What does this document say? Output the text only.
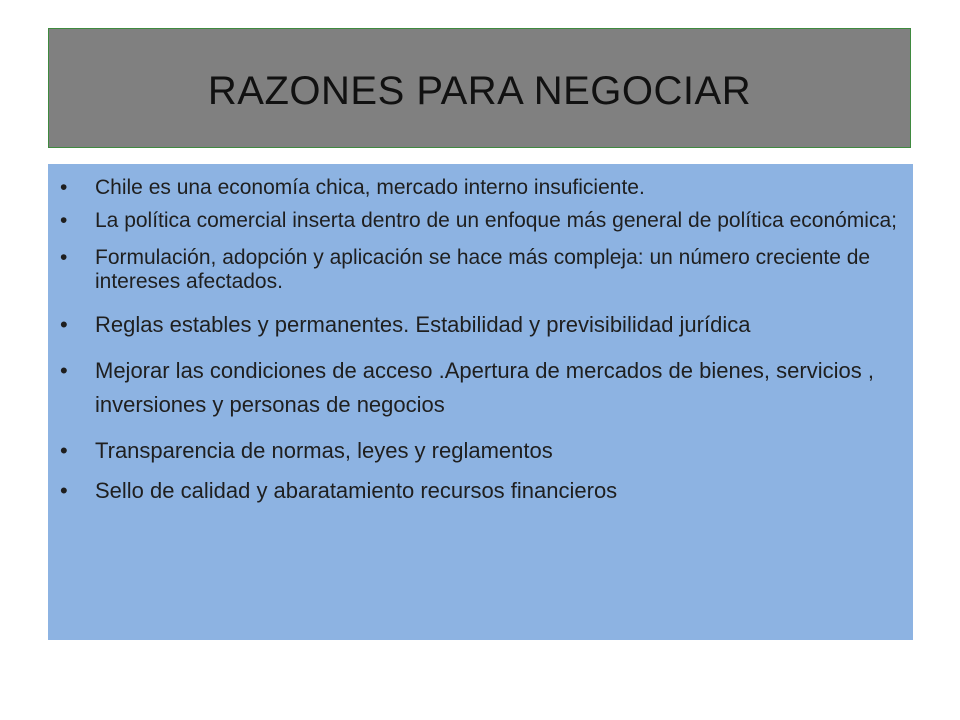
RAZONES PARA NEGOCIAR
• Chile es una economía chica, mercado interno insuficiente.
• La política comercial inserta dentro de un enfoque más general de política económica;
• Formulación, adopción y aplicación se hace más compleja: un número creciente de intereses afectados.
• Reglas estables y permanentes. Estabilidad y previsibilidad jurídica
• Mejorar las condiciones de acceso .Apertura de mercados de bienes, servicios , inversiones y personas de negocios
• Transparencia de normas, leyes y reglamentos
• Sello de calidad y abaratamiento recursos financieros
